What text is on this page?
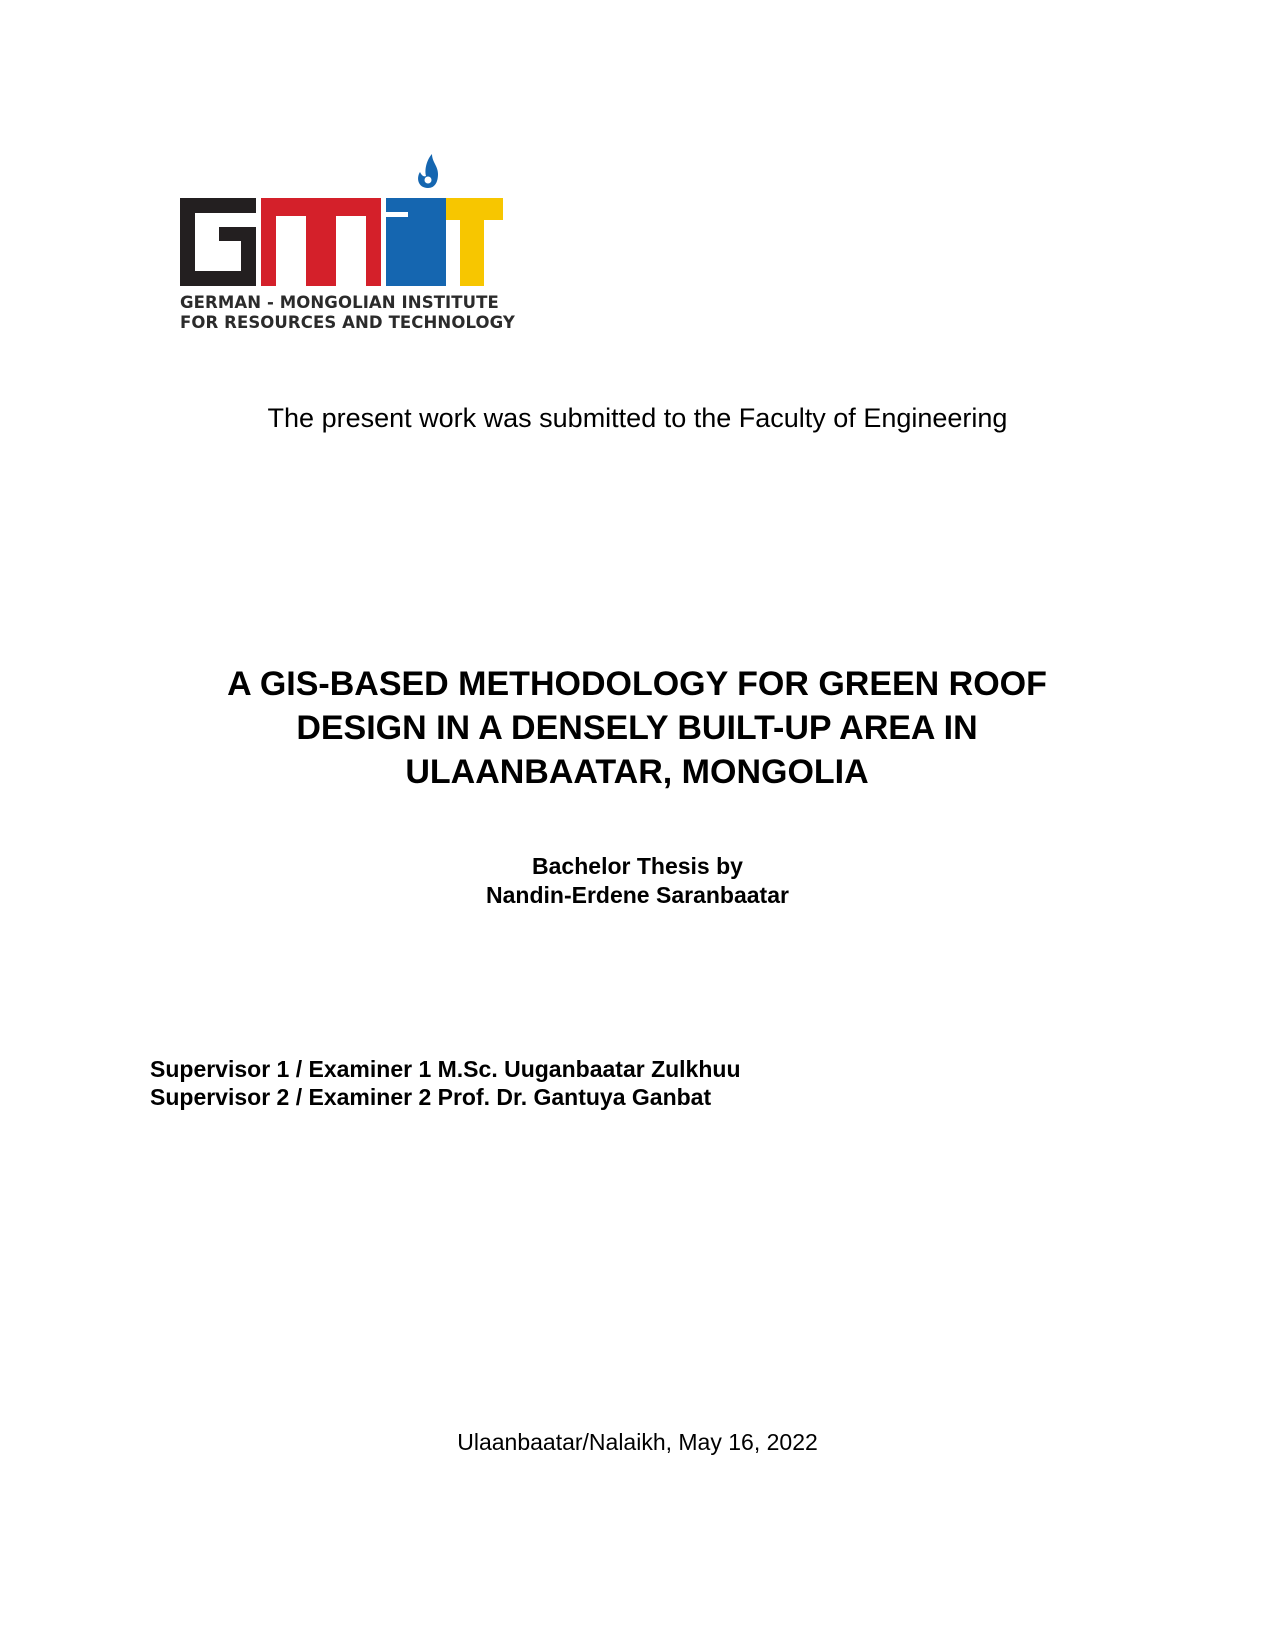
GERMAN - MONGOLIAN INSTITUTE
FOR RESOURCES AND TECHNOLOGY
The present work was submitted to the Faculty of Engineering
A GIS-BASED METHODOLOGY FOR GREEN ROOF
DESIGN IN A DENSELY BUILT-UP AREA IN
ULAANBAATAR, MONGOLIA
Bachelor Thesis by
Nandin-Erdene Saranbaatar
Supervisor 1 / Examiner 1 M.Sc. Uuganbaatar Zulkhuu
Supervisor 2 / Examiner 2 Prof. Dr. Gantuya Ganbat
Ulaanbaatar/Nalaikh, May 16, 2022
